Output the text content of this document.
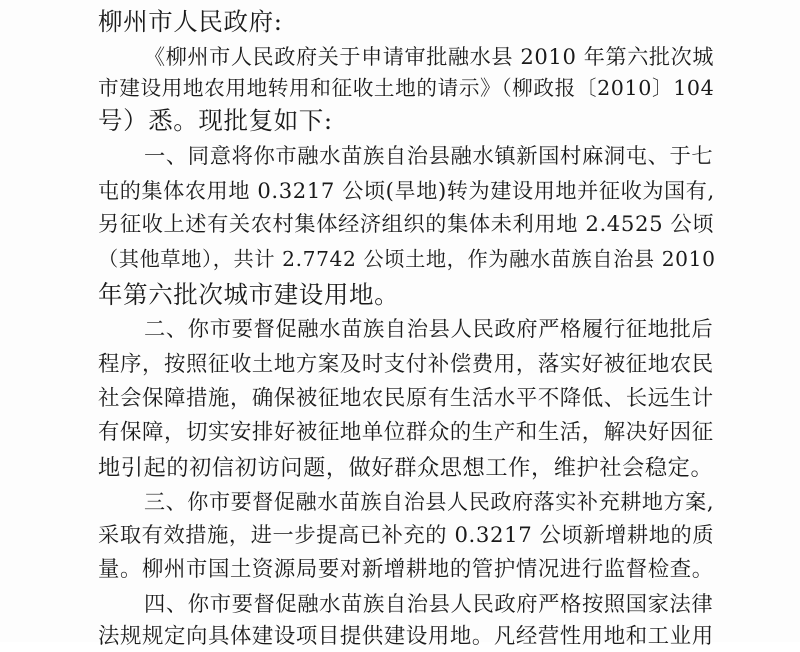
柳州市人民政府:
《柳州市人民政府关于申请审批融水县 2010 年第六批次城
市建设用地农用地转用和征收土地的请示》（柳政报〔2010〕104
号）悉。现批复如下:
一、同意将你市融水苗族自治县融水镇新国村麻洞屯、于七
屯的集体农用地 0.3217 公顷(旱地)转为建设用地并征收为国有,
另征收上述有关农村集体经济组织的集体未利用地 2.4525 公顷
（其他草地），共计 2.7742 公顷土地，作为融水苗族自治县 2010
年第六批次城市建设用地。
二、你市要督促融水苗族自治县人民政府严格履行征地批后
程序，按照征收土地方案及时支付补偿费用，落实好被征地农民
社会保障措施，确保被征地农民原有生活水平不降低、长远生计
有保障，切实安排好被征地单位群众的生产和生活，解决好因征
地引起的初信初访问题，做好群众思想工作，维护社会稳定。
三、你市要督促融水苗族自治县人民政府落实补充耕地方案,
采取有效措施，进一步提高已补充的 0.3217 公顷新增耕地的质
量。柳州市国土资源局要对新增耕地的管护情况进行监督检查。
四、你市要督促融水苗族自治县人民政府严格按照国家法律
法规规定向具体建设项目提供建设用地。凡经营性用地和工业用
